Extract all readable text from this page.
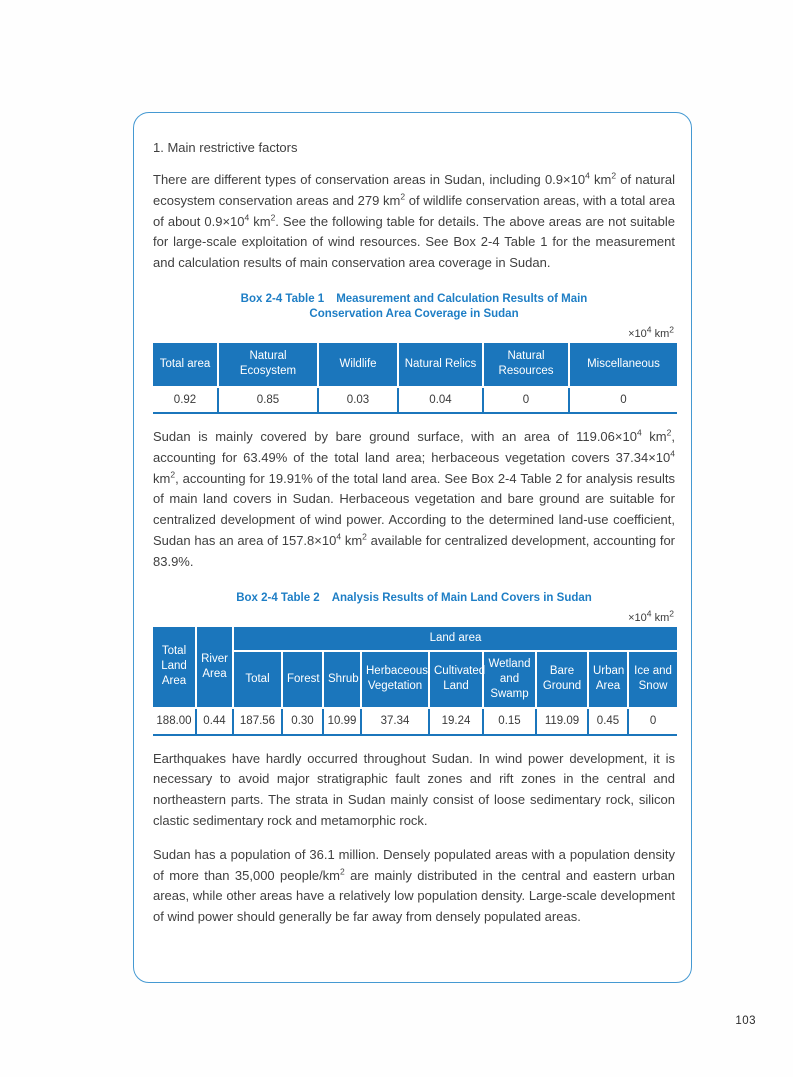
1. Main restrictive factors

There are different types of conservation areas in Sudan, including $0.9\times 10^4$ $km^2$ of natural ecosystem conservation areas and 279 $km^2$ of wildlife conservation areas, with a total area of about $0.9\times 10^4$ $km^2$. See the following table for details. The above areas are not suitable for large-scale exploitation of wind resources. See Box 2-4 Table 1 for the measurement and calculation results of main conservation area coverage in Sudan.

Box 2-4 Table 1 Measurement and Calculation Results of Main
Conservation Area Coverage in Sudan
$\times 10^4$ $km^2$
Total area	Natural Ecosystem	Wildlife	Natural Relics	Natural Resources	Miscellaneous
0.92	0.85	0.03	0.04	0	0

Sudan is mainly covered by bare ground surface, with an area of $119.06\times 10^4$ $km^2$, accounting for 63.49% of the total land area; herbaceous vegetation covers $37.34\times 10^4$ $km^2$, accounting for 19.91% of the total land area. See Box 2-4 Table 2 for analysis results of main land covers in Sudan. Herbaceous vegetation and bare ground are suitable for centralized development of wind power. According to the determined land-use coefficient, Sudan has an area of $157.8\times 10^4$ $km^2$ available for centralized development, accounting for 83.9%.

Box 2-4 Table 2 Analysis Results of Main Land Covers in Sudan
$\times 10^4$ $km^2$
Total Land Area	River Area	Land area								
		Total	Forest	Shrub	Herbaceous Vegetation	Cultivated Land	Wetland and Swamp	Bare Ground	Urban Area	Ice and Snow
188.00	0.44	187.56	0.30	10.99	37.34	19.24	0.15	119.09	0.45	0

Earthquakes have hardly occurred throughout Sudan. In wind power development, it is necessary to avoid major stratigraphic fault zones and rift zones in the central and northeastern parts. The strata in Sudan mainly consist of loose sedimentary rock, silicon clastic sedimentary rock and metamorphic rock.

Sudan has a population of 36.1 million. Densely populated areas with a population density of more than 35,000 people/$km^2$ are mainly distributed in the central and eastern urban areas, while other areas have a relatively low population density. Large-scale development of wind power should generally be far away from densely populated areas.

103
